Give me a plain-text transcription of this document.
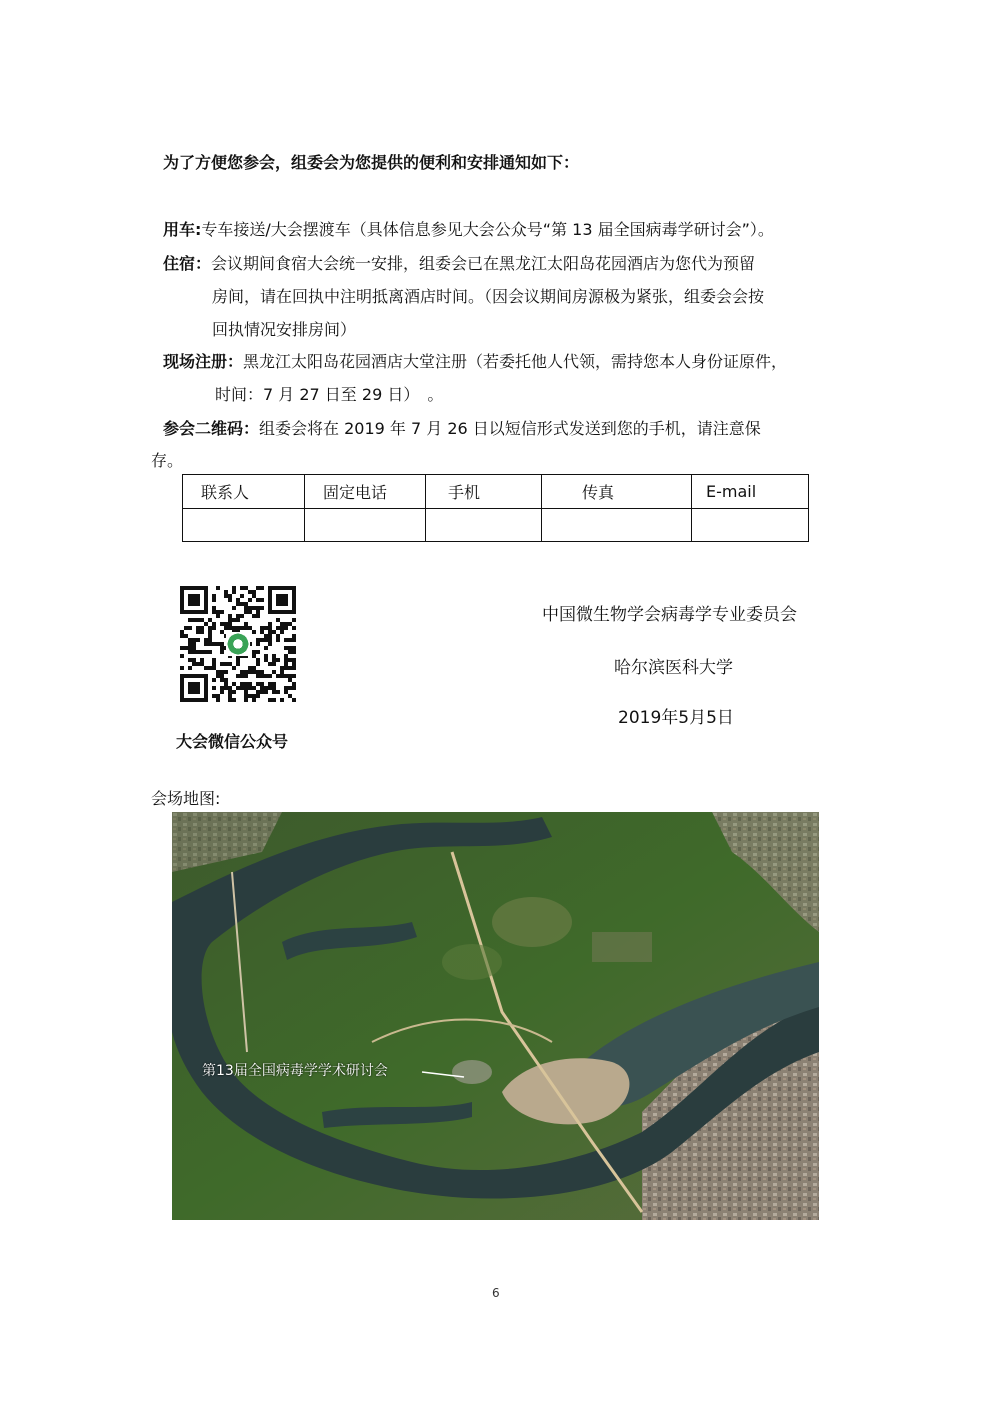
为了方便您参会，组委会为您提供的便利和安排通知如下：
用车:专车接送/大会摆渡车（具体信息参见大会公众号“第 13 届全国病毒学研讨会”）。
住宿：会议期间食宿大会统一安排，组委会已在黑龙江太阳岛花园酒店为您代为预留
房间，请在回执中注明抵离酒店时间。（因会议期间房源极为紧张，组委会会按
回执情况安排房间）
现场注册：黑龙江太阳岛花园酒店大堂注册（若委托他人代领，需持您本人身份证原件，
时间：7 月 27 日至 29 日）　。
参会二维码：组委会将在 2019 年 7 月 26 日以短信形式发送到您的手机，请注意保
存。
联系人	固定电话	手机	传真	E-mail

大会微信公众号
中国微生物学会病毒学专业委员会
哈尔滨医科大学
2019年5月5日
会场地图:
第13届全国病毒学学术研讨会
6
